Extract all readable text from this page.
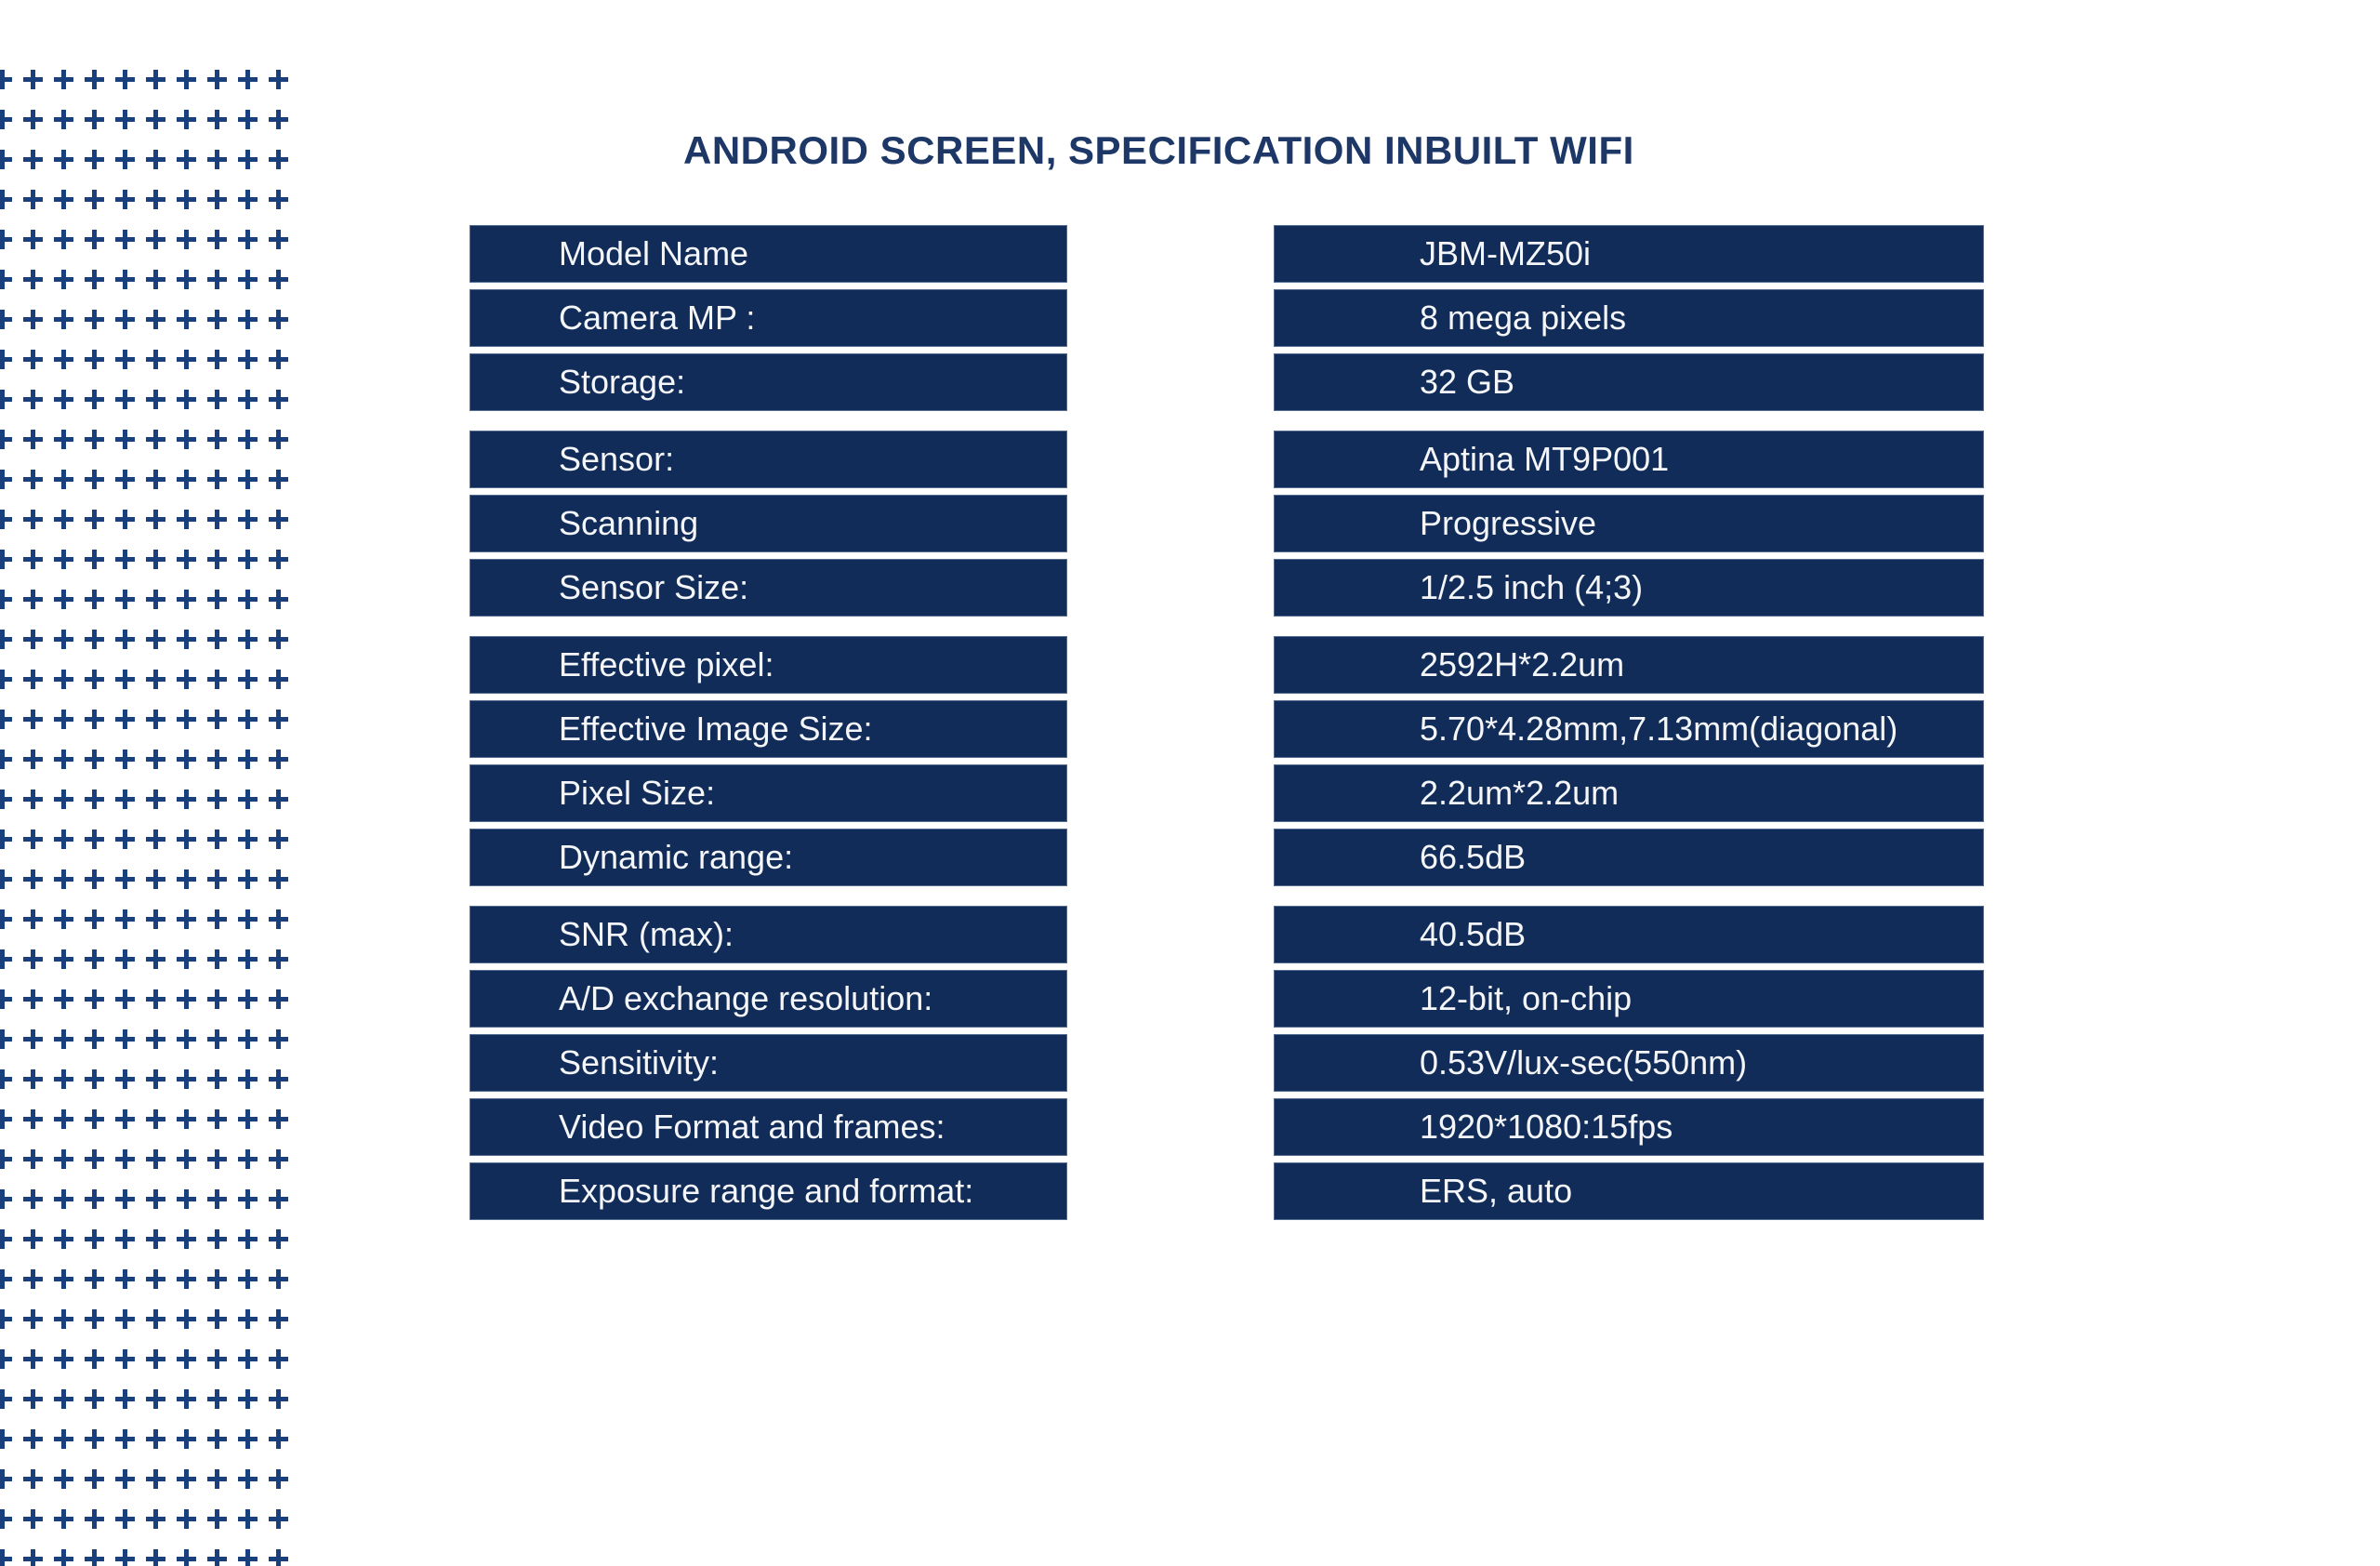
ANDROID SCREEN, SPECIFICATION INBUILT WIFI
Model Name
Camera MP :
Storage:
Sensor:
Scanning
Sensor Size:
Effective pixel:
Effective Image Size:
Pixel Size:
Dynamic range:
SNR (max):
A/D exchange resolution:
Sensitivity:
Video Format and frames:
Exposure range and format:
JBM-MZ50i
8 mega pixels
32 GB
Aptina MT9P001
Progressive
1/2.5 inch (4;3)
2592H*2.2um
5.70*4.28mm,7.13mm(diagonal)
2.2um*2.2um
66.5dB
40.5dB
12-bit, on-chip
0.53V/lux-sec(550nm)
1920*1080:15fps
ERS, auto
